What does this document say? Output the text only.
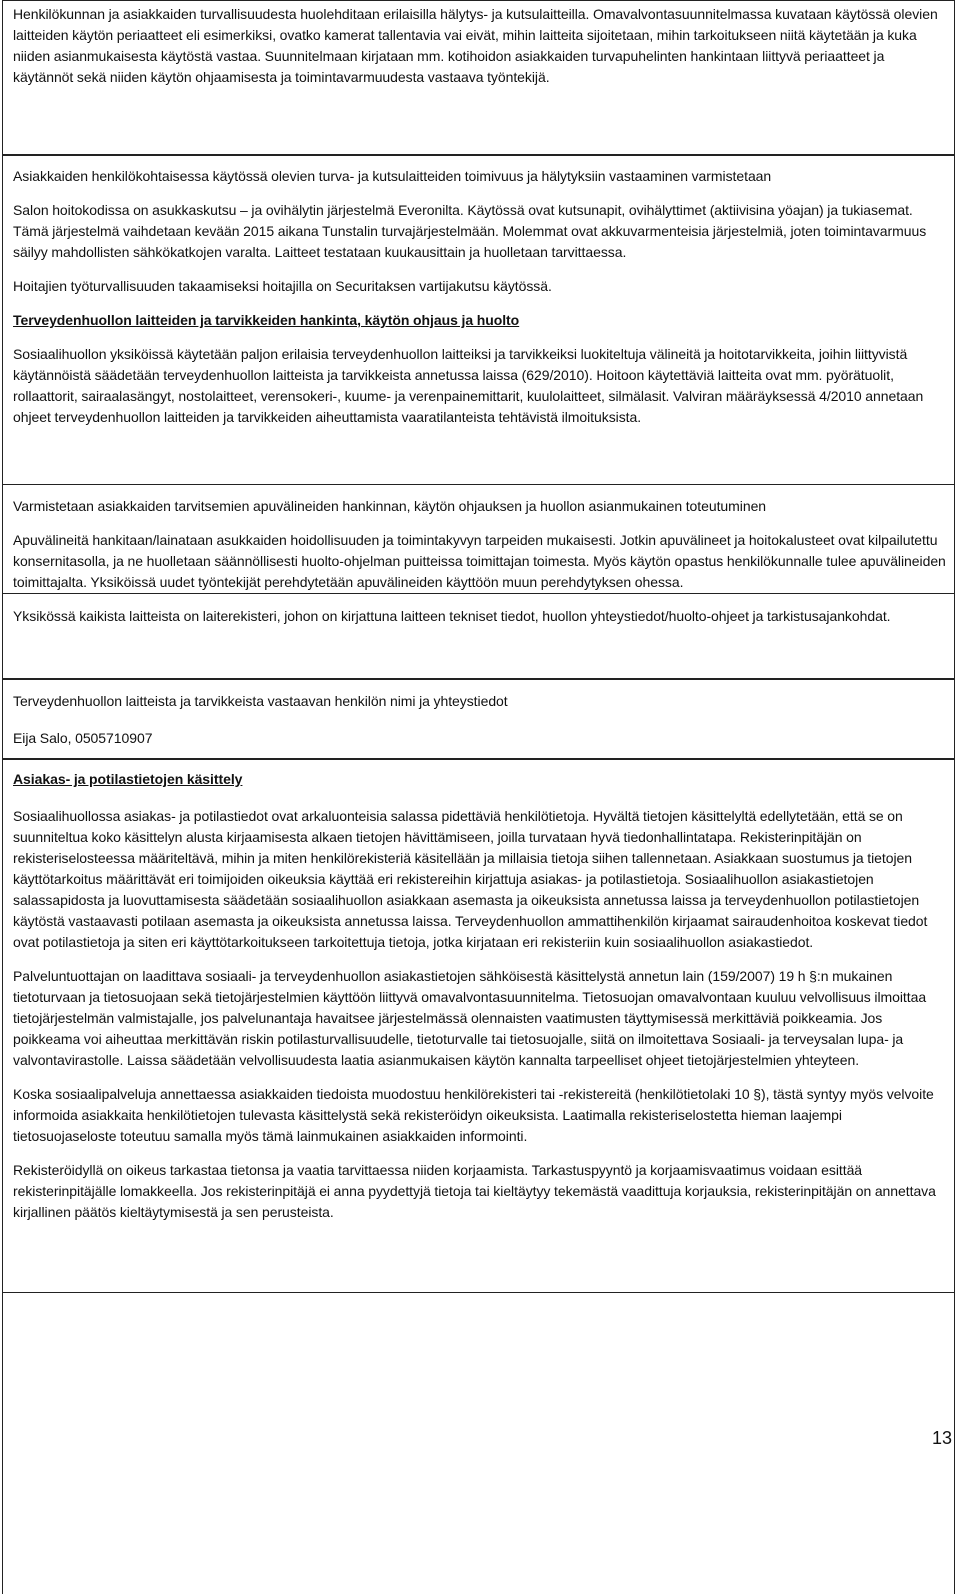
Henkilökunnan ja asiakkaiden turvallisuudesta huolehditaan erilaisilla hälytys- ja kutsulaitteilla. Omavalvontasuunnitelmassa kuvataan käytössä olevien laitteiden käytön periaatteet eli esimerkiksi, ovatko kamerat tallentavia vai eivät, mihin laitteita sijoitetaan, mihin tarkoitukseen niitä käytetään ja kuka niiden asianmukaisesta käytöstä vastaa. Suunnitelmaan kirjataan mm. kotihoidon asiakkaiden turvapuhelinten hankintaan liittyvä periaatteet ja käytännöt sekä niiden käytön ohjaamisesta ja toimintavarmuudesta vastaava työntekijä.

Asiakkaiden henkilökohtaisessa käytössä olevien turva- ja kutsulaitteiden toimivuus ja hälytyksiin vastaaminen varmistetaan

Salon hoitokodissa on asukkaskutsu – ja ovihälytin järjestelmä Everonilta. Käytössä ovat kutsunapit, ovihälyttimet (aktiivisina yöajan) ja tukiasemat. Tämä järjestelmä vaihdetaan kevään 2015 aikana Tunstalin turvajärjestelmään. Molemmat ovat akkuvarmenteisia järjestelmiä, joten toimintavarmuus säilyy mahdollisten sähkökatkojen varalta. Laitteet testataan kuukausittain ja huolletaan tarvittaessa.

Hoitajien työturvallisuuden takaamiseksi hoitajilla on Securitaksen vartijakutsu käytössä.

Terveydenhuollon laitteiden ja tarvikkeiden hankinta, käytön ohjaus ja huolto

Sosiaalihuollon yksiköissä käytetään paljon erilaisia terveydenhuollon laitteiksi ja tarvikkeiksi luokiteltuja välineitä ja hoitotarvikkeita, joihin liittyvistä käytännöistä säädetään terveydenhuollon laitteista ja tarvikkeista annetussa laissa (629/2010). Hoitoon käytettäviä laitteita ovat mm. pyörätuolit, rollaattorit, sairaalasängyt, nostolaitteet, verensokeri-, kuume- ja verenpainemittarit, kuulolaitteet, silmälasit. Valviran määräyksessä 4/2010 annetaan ohjeet terveydenhuollon laitteiden ja tarvikkeiden aiheuttamista vaaratilanteista tehtävistä ilmoituksista.

Varmistetaan asiakkaiden tarvitsemien apuvälineiden hankinnan, käytön ohjauksen ja huollon asianmukainen toteutuminen

Apuvälineitä hankitaan/lainataan asukkaiden hoidollisuuden ja toimintakyvyn tarpeiden mukaisesti. Jotkin apuvälineet ja hoitokalusteet ovat kilpailutettu konsernitasolla, ja ne huolletaan säännöllisesti huolto-ohjelman puitteissa toimittajan toimesta. Myös käytön opastus henkilökunnalle tulee apuvälineiden toimittajalta. Yksiköissä uudet työntekijät perehdytetään apuvälineiden käyttöön muun perehdytyksen ohessa.

Yksikössä kaikista laitteista on laiterekisteri, johon on kirjattuna laitteen tekniset tiedot, huollon yhteystiedot/huolto-ohjeet ja tarkistusajankohdat.

Terveydenhuollon laitteista ja tarvikkeista vastaavan henkilön nimi ja yhteystiedot

Eija Salo, 0505710907

Asiakas- ja potilastietojen käsittely

Sosiaalihuollossa asiakas- ja potilastiedot ovat arkaluonteisia salassa pidettäviä henkilötietoja. Hyvältä tietojen käsittelyltä edellytetään, että se on suunniteltua koko käsittelyn alusta kirjaamisesta alkaen tietojen hävittämiseen, joilla turvataan hyvä tiedonhallintatapa. Rekisterinpitäjän on rekisteriselosteessa määriteltävä, mihin ja miten henkilörekisteriä käsitellään ja millaisia tietoja siihen tallennetaan. Asiakkaan suostumus ja tietojen käyttötarkoitus määrittävät eri toimijoiden oikeuksia käyttää eri rekistereihin kirjattuja asiakas- ja potilastietoja. Sosiaalihuollon asiakastietojen salassapidosta ja luovuttamisesta säädetään sosiaalihuollon asiakkaan asemasta ja oikeuksista annetussa laissa ja terveydenhuollon potilastietojen käytöstä vastaavasti potilaan asemasta ja oikeuksista annetussa laissa. Terveydenhuollon ammattihenkilön kirjaamat sairaudenhoitoa koskevat tiedot ovat potilastietoja ja siten eri käyttötarkoitukseen tarkoitettuja tietoja, jotka kirjataan eri rekisteriin kuin sosiaalihuollon asiakastiedot.

Palveluntuottajan on laadittava sosiaali- ja terveydenhuollon asiakastietojen sähköisestä käsittelystä annetun lain (159/2007) 19 h §:n mukainen tietoturvaan ja tietosuojaan sekä tietojärjestelmien käyttöön liittyvä omavalvontasuunnitelma. Tietosuojan omavalvontaan kuuluu velvollisuus ilmoittaa tietojärjestelmän valmistajalle, jos palvelunantaja havaitsee järjestelmässä olennaisten vaatimusten täyttymisessä merkittäviä poikkeamia. Jos poikkeama voi aiheuttaa merkittävän riskin potilasturvallisuudelle, tietoturvalle tai tietosuojalle, siitä on ilmoitettava Sosiaali- ja terveysalan lupa- ja valvontavirastolle. Laissa säädetään velvollisuudesta laatia asianmukaisen käytön kannalta tarpeelliset ohjeet tietojärjestelmien yhteyteen.

Koska sosiaalipalveluja annettaessa asiakkaiden tiedoista muodostuu henkilörekisteri tai -rekistereitä (henkilötietolaki 10 §), tästä syntyy myös velvoite informoida asiakkaita henkilötietojen tulevasta käsittelystä sekä rekisteröidyn oikeuksista. Laatimalla rekisteriselostetta hieman laajempi tietosuojaseloste toteutuu samalla myös tämä lainmukainen asiakkaiden informointi.

Rekisteröidyllä on oikeus tarkastaa tietonsa ja vaatia tarvittaessa niiden korjaamista. Tarkastuspyyntö ja korjaamisvaatimus voidaan esittää rekisterinpitäjälle lomakkeella. Jos rekisterinpitäjä ei anna pyydettyjä tietoja tai kieltäytyy tekemästä vaadittuja korjauksia, rekisterinpitäjän on annettava kirjallinen päätös kieltäytymisestä ja sen perusteista.

13
